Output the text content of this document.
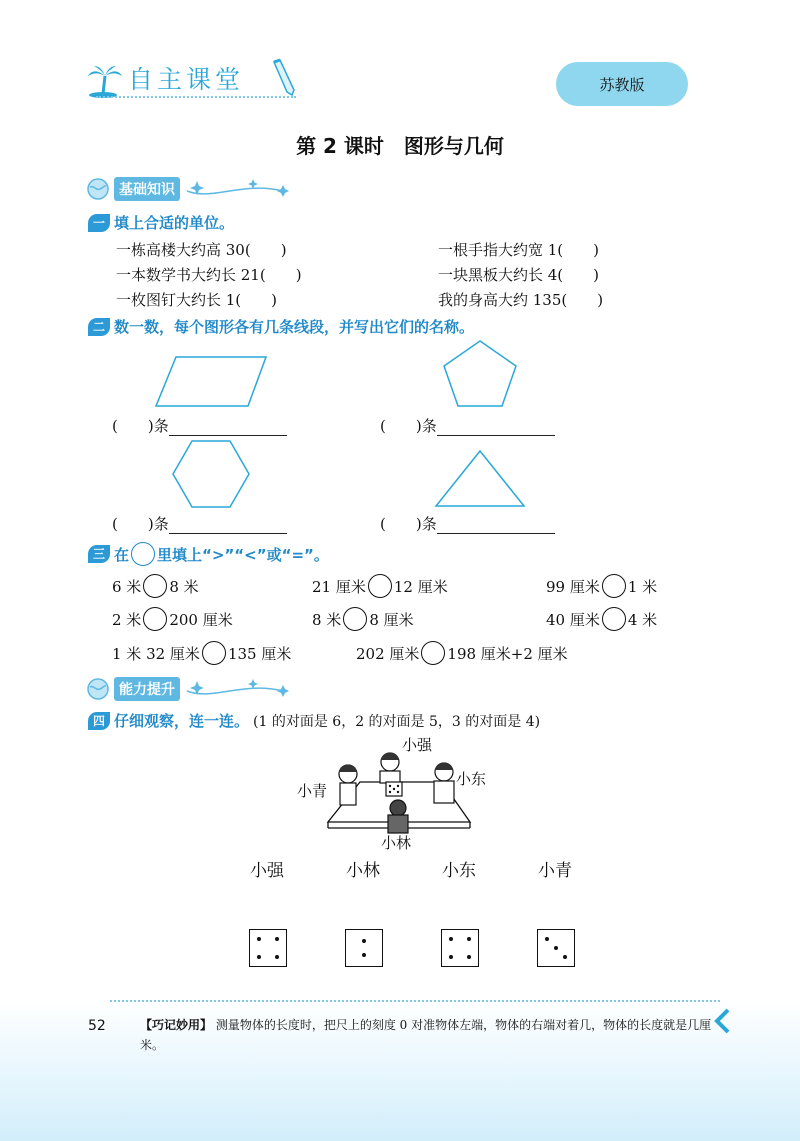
自主课堂	苏教版
第 2 课时　图形与几何
基础知识
一 填上合适的单位。
一栋高楼大约高 30(　　)	一根手指大约宽 1(　　)
一本数学书大约长 21(　　)	一块黑板大约长 4(　　)
一枚图钉大约长 1(　　)	我的身高大约 135(　　)
二 数一数，每个图形各有几条线段，并写出它们的名称。
(　　)条	(　　)条
(　　)条	(　　)条
三 在 里填上“>”“<”或“=”。
6 米 8 米	21 厘米 12 厘米	99 厘米 1 米
2 米 200 厘米	8 米 8 厘米	40 厘米 4 米
1 米 32 厘米 135 厘米	202 厘米 198 厘米+2 厘米
能力提升
四 仔细观察，连一连。 (1 的对面是 6，2 的对面是 5，3 的对面是 4)
小强
小青
小东
小林
小强	小林	小东	小青
52	【巧记妙用】 测量物体的长度时，把尺上的刻度 0 对准物体左端，物体的右端对着几，物体的长度就是几厘米。
